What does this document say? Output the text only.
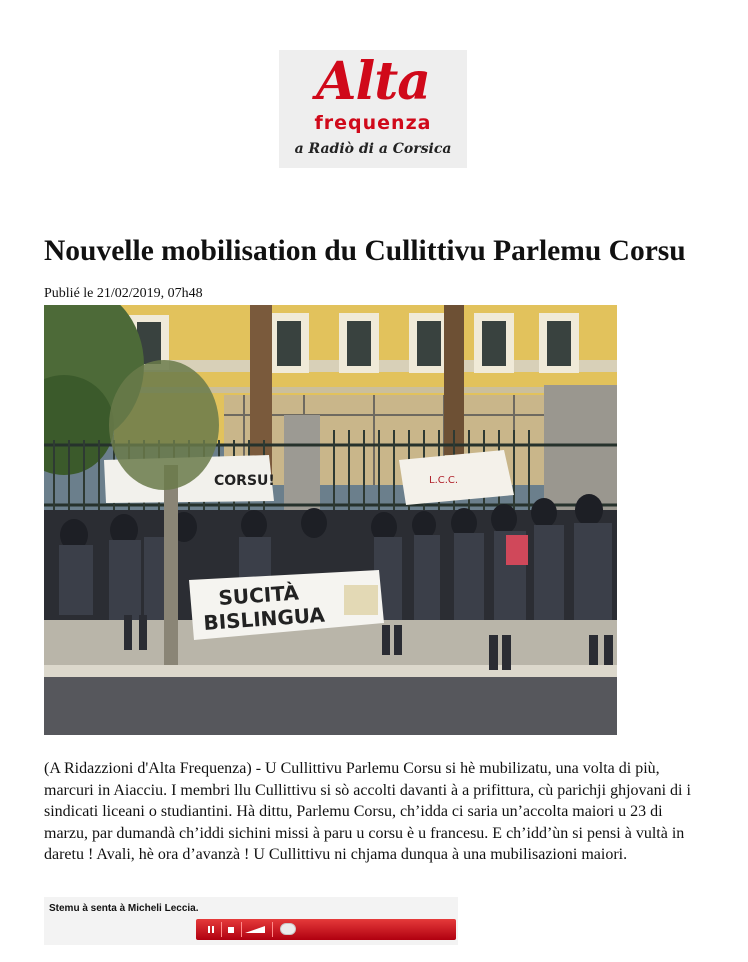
Alta
frequenza
a Radiò di a Corsica
Nouvelle mobilisation du Cullittivu Parlemu Corsu
Publié le 21/02/2019, 07h48
CORSU!	L.C.C.
SUCITÀ
BISLINGUA

(A Ridazzioni d'Alta Frequenza) - U Cullittivu Parlemu Corsu si hè mubilizatu, una volta di più, marcuri in Aiacciu. I membri llu Cullittivu si sò accolti davanti à a prifittura, cù parichji ghjovani di i sindicati liceani o studiantini. Hà dittu, Parlemu Corsu, ch’idda ci saria un’accolta maiori u 23 di marzu, par dumandà ch’iddi sichini missi à paru u corsu è u francesu. E ch’idd’ùn si pensi à vultà in daretu ! Avali, hè ora d’avanzà ! U Cullittivu ni chjama dunqua à una mubilisazioni maiori.

Stemu à senta à Micheli Leccia.
